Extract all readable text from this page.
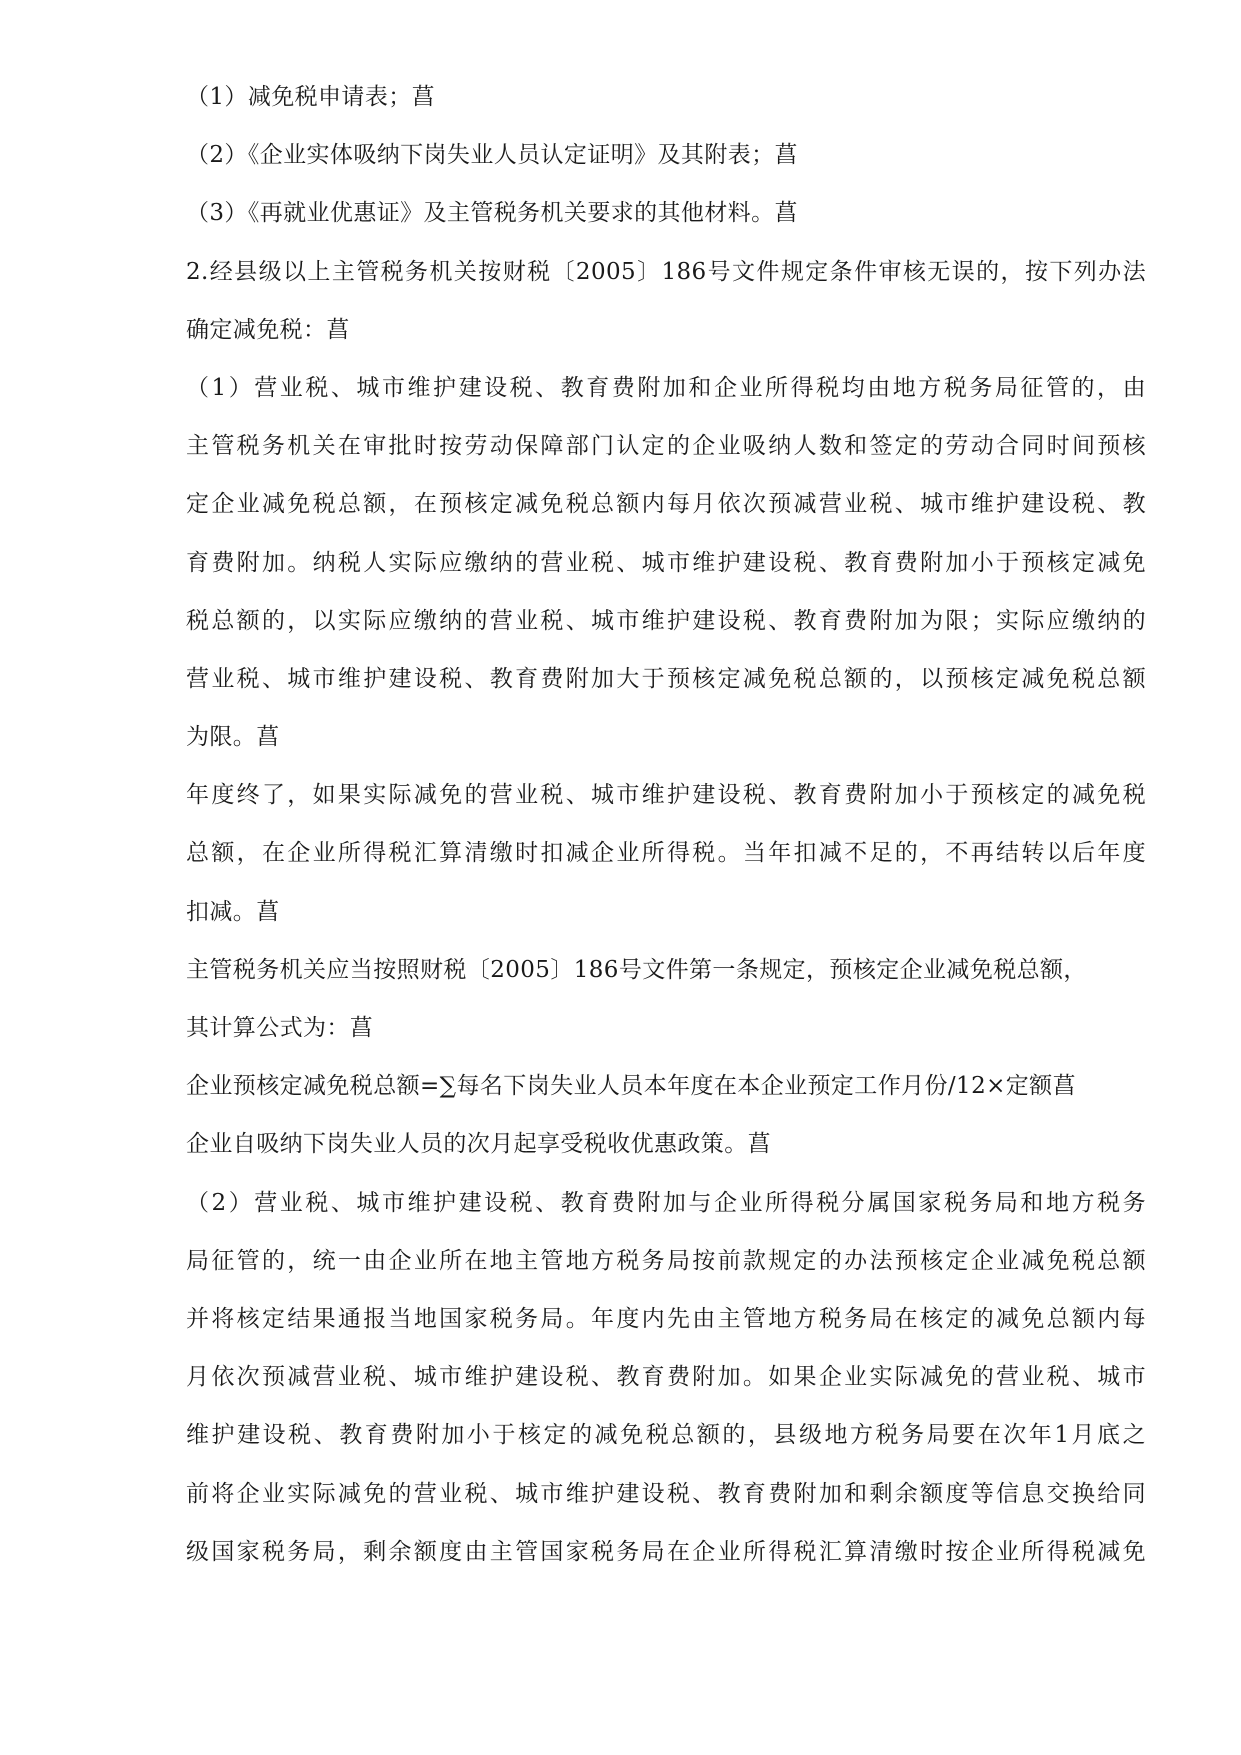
（1）减免税申请表；菖
（2）《企业实体吸纳下岗失业人员认定证明》及其附表；菖
（3）《再就业优惠证》及主管税务机关要求的其他材料。菖
2.经县级以上主管税务机关按财税〔2005〕186号文件规定条件审核无误的，按下列办法
确定减免税：菖
（1）营业税、城市维护建设税、教育费附加和企业所得税均由地方税务局征管的，由
主管税务机关在审批时按劳动保障部门认定的企业吸纳人数和签定的劳动合同时间预核
定企业减免税总额，在预核定减免税总额内每月依次预减营业税、城市维护建设税、教
育费附加。纳税人实际应缴纳的营业税、城市维护建设税、教育费附加小于预核定减免
税总额的，以实际应缴纳的营业税、城市维护建设税、教育费附加为限；实际应缴纳的
营业税、城市维护建设税、教育费附加大于预核定减免税总额的，以预核定减免税总额
为限。菖
年度终了，如果实际减免的营业税、城市维护建设税、教育费附加小于预核定的减免税
总额，在企业所得税汇算清缴时扣减企业所得税。当年扣减不足的，不再结转以后年度
扣减。菖
主管税务机关应当按照财税〔2005〕186号文件第一条规定，预核定企业减免税总额，
其计算公式为：菖
企业预核定减免税总额=∑每名下岗失业人员本年度在本企业预定工作月份/12×定额菖
企业自吸纳下岗失业人员的次月起享受税收优惠政策。菖
（2）营业税、城市维护建设税、教育费附加与企业所得税分属国家税务局和地方税务
局征管的，统一由企业所在地主管地方税务局按前款规定的办法预核定企业减免税总额
并将核定结果通报当地国家税务局。年度内先由主管地方税务局在核定的减免总额内每
月依次预减营业税、城市维护建设税、教育费附加。如果企业实际减免的营业税、城市
维护建设税、教育费附加小于核定的减免税总额的，县级地方税务局要在次年1月底之
前将企业实际减免的营业税、城市维护建设税、教育费附加和剩余额度等信息交换给同
级国家税务局，剩余额度由主管国家税务局在企业所得税汇算清缴时按企业所得税减免
